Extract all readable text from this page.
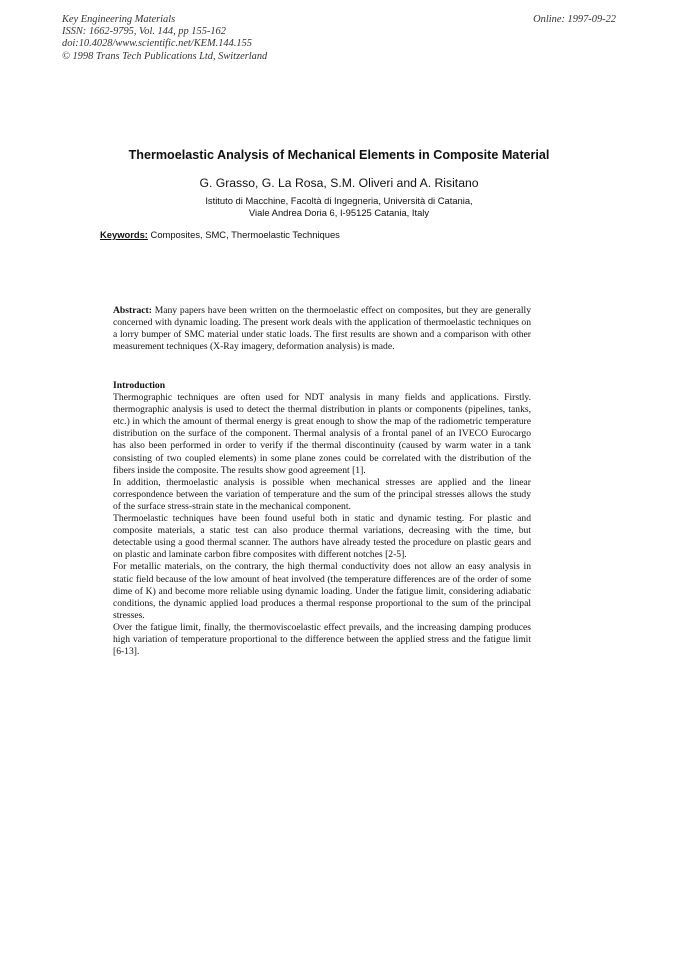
Key Engineering Materials
ISSN: 1662-9795, Vol. 144, pp 155-162
doi:10.4028/www.scientific.net/KEM.144.155
© 1998 Trans Tech Publications Ltd, Switzerland
Online: 1997-09-22
Thermoelastic Analysis of Mechanical Elements in Composite Material
G. Grasso, G. La Rosa, S.M. Oliveri and A. Risitano
Istituto di Macchine, Facoltà di Ingegneria, Università di Catania,
Viale Andrea Doria 6, I-95125 Catania, Italy
Keywords: Composites, SMC, Thermoelastic Techniques

Abstract: Many papers have been written on the thermoelastic effect on composites, but they are generally concerned with dynamic loading. The present work deals with the application of thermoelastic techniques on a lorry bumper of SMC material under static loads. The first results are shown and a comparison with other measurement techniques (X-Ray imagery, deformation analysis) is made.

Introduction

Thermographic techniques are often used for NDT analysis in many fields and applications. Firstly. thermographic analysis is used to detect the thermal distribution in plants or components (pipelines, tanks, etc.) in which the amount of thermal energy is great enough to show the map of the radiometric temperature distribution on the surface of the component. Thermal analysis of a frontal panel of an IVECO Eurocargo has also been performed in order to verify if the thermal discontinuity (caused by warm water in a tank consisting of two coupled elements) in some plane zones could be correlated with the distribution of the fibers inside the composite. The results show good agreement [1].

In addition, thermoelastic analysis is possible when mechanical stresses are applied and the linear correspondence between the variation of temperature and the sum of the principal stresses allows the study of the surface stress-strain state in the mechanical component.

Thermoelastic techniques have been found useful both in static and dynamic testing. For plastic and composite materials, a static test can also produce thermal variations, decreasing with the time, but detectable using a good thermal scanner. The authors have already tested the procedure on plastic gears and on plastic and laminate carbon fibre composites with different notches [2-5].

For metallic materials, on the contrary, the high thermal conductivity does not allow an easy analysis in static field because of the low amount of heat involved (the temperature differences are of the order of some dime of K) and become more reliable using dynamic loading. Under the fatigue limit, considering adiabatic conditions, the dynamic applied load produces a thermal response proportional to the sum of the principal stresses.

Over the fatigue limit, finally, the thermoviscoelastic effect prevails, and the increasing damping produces high variation of temperature proportional to the difference between the applied stress and the fatigue limit [6-13].
